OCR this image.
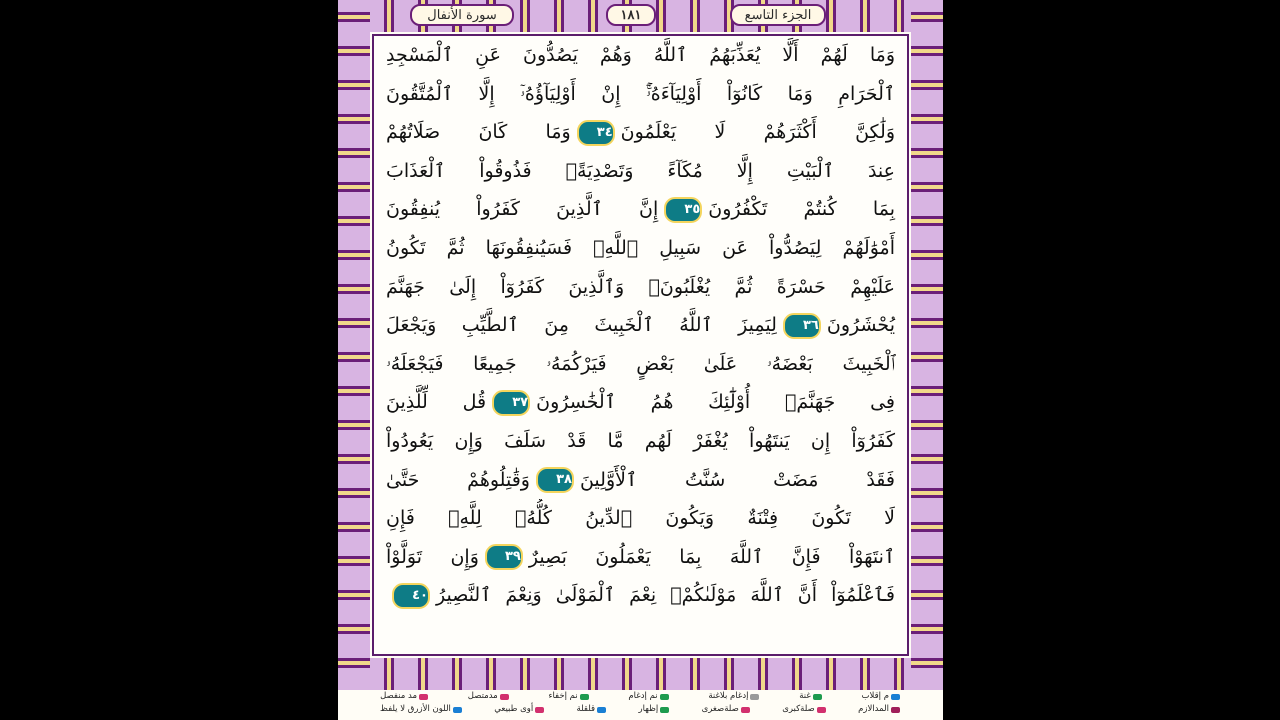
الجزء التاسع
١٨١
سورة الأنفال
وَمَا لَهُمْ أَلَّا يُعَذِّبَهُمُ ٱللَّهُ وَهُمْ يَصُدُّونَ عَنِ ٱلْمَسْجِدِ
ٱلْحَرَامِ وَمَا كَانُوٓاْ أَوْلِيَآءَهُۥٓۚ إِنْ أَوْلِيَآؤُهُۥٓ إِلَّا ٱلْمُتَّقُونَ
وَلَٰكِنَّ أَكْثَرَهُمْ لَا يَعْلَمُونَ٣٤وَمَا كَانَ صَلَاتُهُمْ
عِندَ ٱلْبَيْتِ إِلَّا مُكَآءً وَتَصْدِيَةًۚ فَذُوقُواْ ٱلْعَذَابَ
بِمَا كُنتُمْ تَكْفُرُونَ٣٥إِنَّ ٱلَّذِينَ كَفَرُواْ يُنفِقُونَ
أَمْوَٰلَهُمْ لِيَصُدُّواْ عَن سَبِيلِ ٱللَّهِۚ فَسَيُنفِقُونَهَا ثُمَّ تَكُونُ
عَلَيْهِمْ حَسْرَةً ثُمَّ يُغْلَبُونَۗ وَٱلَّذِينَ كَفَرُوٓاْ إِلَىٰ جَهَنَّمَ
يُحْشَرُونَ٣٦لِيَمِيزَ ٱللَّهُ ٱلْخَبِيثَ مِنَ ٱلطَّيِّبِ وَيَجْعَلَ
ٱلْخَبِيثَ بَعْضَهُۥ عَلَىٰ بَعْضٍ فَيَرْكُمَهُۥ جَمِيعًا فَيَجْعَلَهُۥ
فِى جَهَنَّمَۚ أُوْلَٰٓئِكَ هُمُ ٱلْخَٰسِرُونَ٣٧قُل لِّلَّذِينَ
كَفَرُوٓاْ إِن يَنتَهُواْ يُغْفَرْ لَهُم مَّا قَدْ سَلَفَ وَإِن يَعُودُواْ
فَقَدْ مَضَتْ سُنَّتُ ٱلْأَوَّلِينَ٣٨وَقَٰتِلُوهُمْ حَتَّىٰ
لَا تَكُونَ فِتْنَةٌ وَيَكُونَ ٱلدِّينُ كُلُّهُۥ لِلَّهِۚ فَإِنِ
ٱنتَهَوْاْ فَإِنَّ ٱللَّهَ بِمَا يَعْمَلُونَ بَصِيرٌ٣٩وَإِن تَوَلَّوْاْ
فَٱعْلَمُوٓاْ أَنَّ ٱللَّهَ مَوْلَىٰكُمْۚ نِعْمَ ٱلْمَوْلَىٰ وَنِعْمَ ٱلنَّصِيرُ٤٠
م إقلاب
غنة
إدغام بلاغنة
نم إدغام
نم إخفاء
مدمتصل
مد منفصل
المدالازم
صلةكبرى
صلةصغرى
إظهار
قلقلة
أوى طبيعي
اللون الأزرق لا يلفظ
